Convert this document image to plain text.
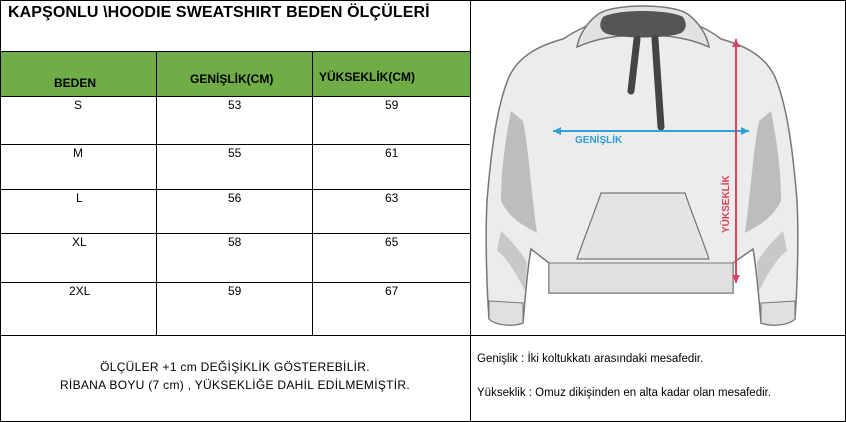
KAPŞONLU \HOODIE SWEATSHIRT BEDEN ÖLÇÜLERİ
BEDEN	GENİŞLİK(CM)	YÜKSEKLİK(CM)
S	53	59
M	55	61
L	56	63
XL	58	65
2XL	59	67
ÖLÇÜLER +1 cm DEĞİŞİKLİK GÖSTEREBİLİR.
RİBANA BOYU (7 cm) , YÜKSEKLİĞE DAHİL EDİLMEMİŞTİR.
Genişlik : İki koltukkatı arasındaki mesafedir.
Yükseklik : Omuz dikişinden en alta kadar olan mesafedir.
GENİŞLİK
YÜKSEKLİK
